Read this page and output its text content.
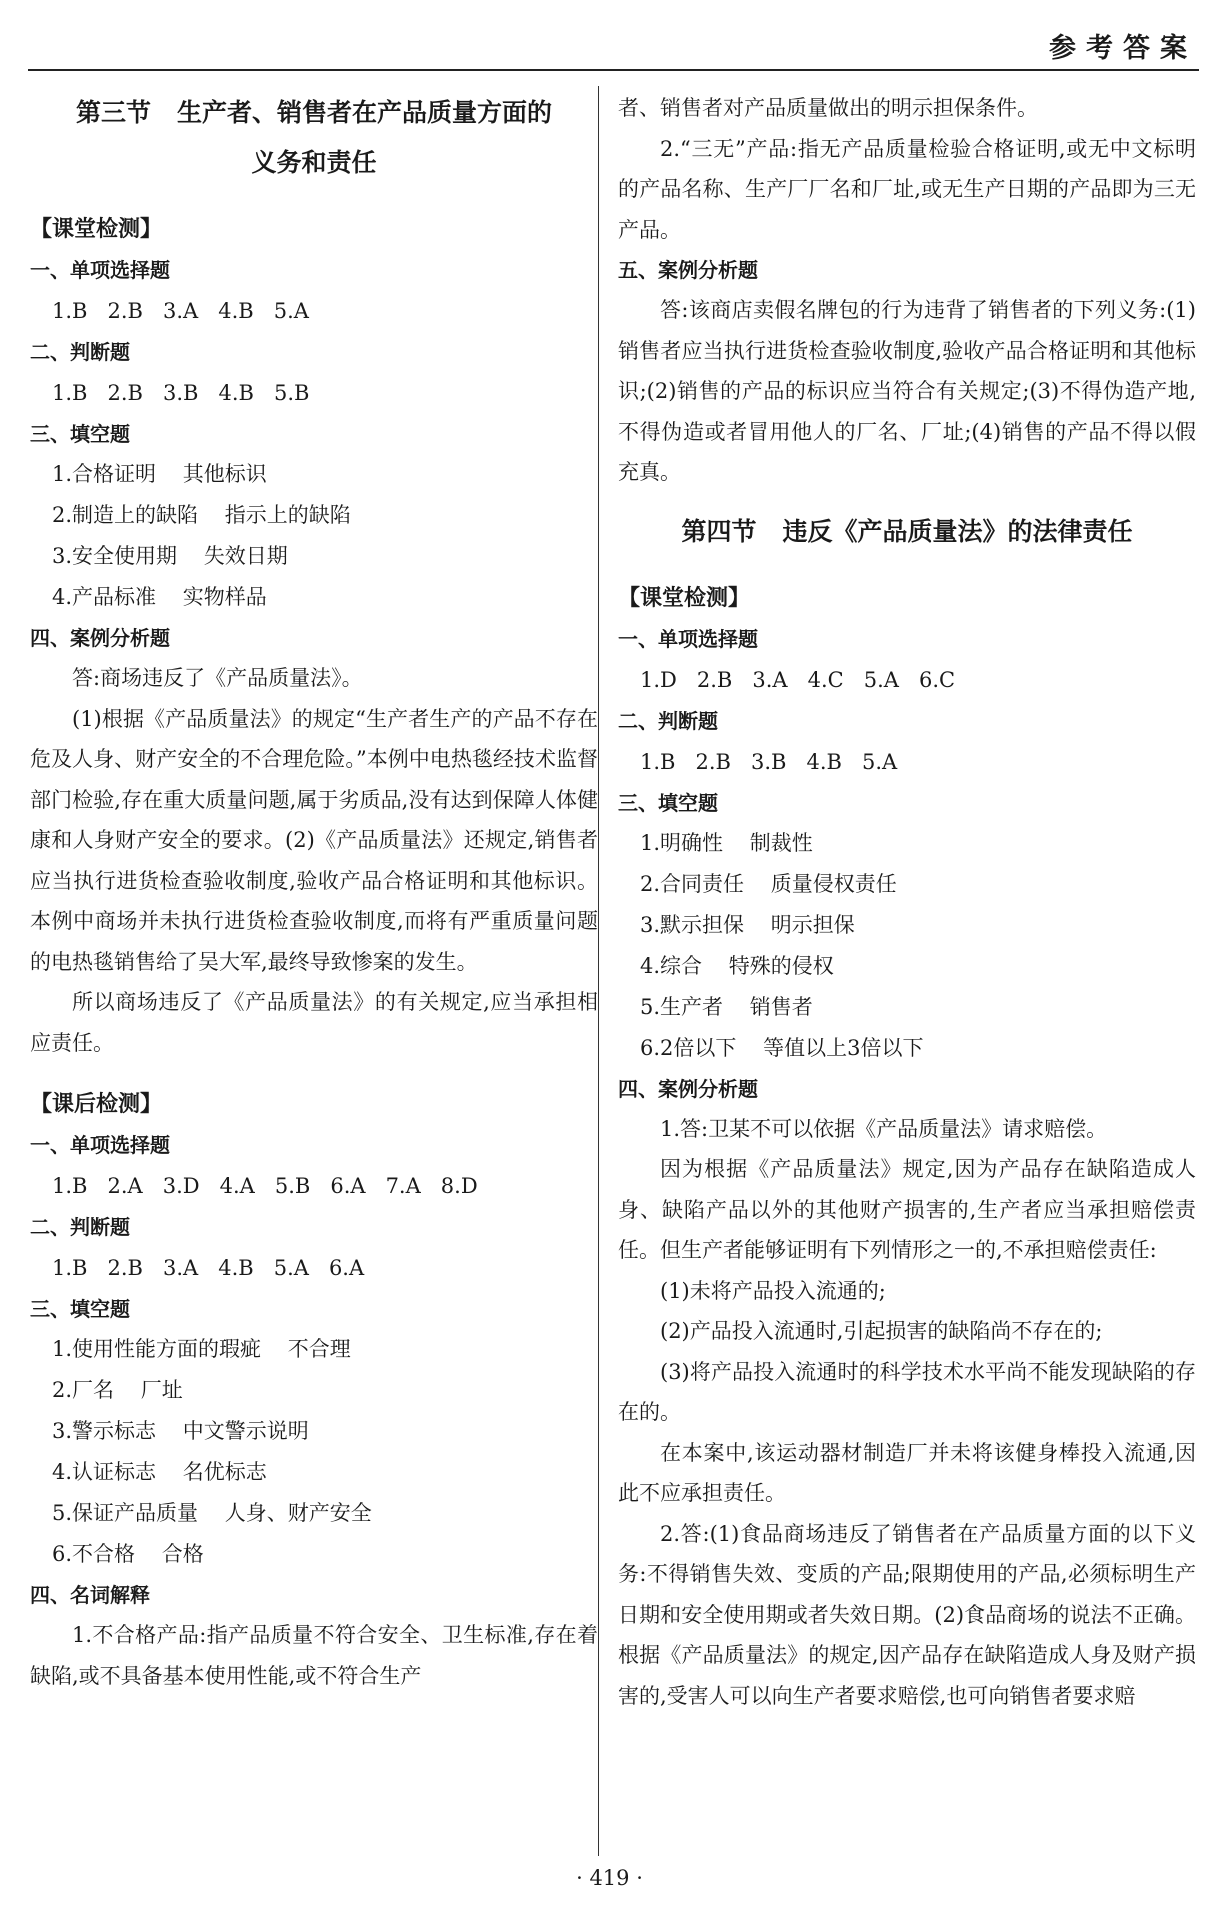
参考答案
第三节 生产者、销售者在产品质量方面的
义务和责任
【课堂检测】
一、单项选择题
1.B   2.B   3.A   4.B   5.A
二、判断题
1.B   2.B   3.B   4.B   5.B
三、填空题
1.合格证明    其他标识
2.制造上的缺陷    指示上的缺陷
3.安全使用期    失效日期
4.产品标准    实物样品
四、案例分析题
答:商场违反了《产品质量法》。
(1)根据《产品质量法》的规定“生产者生产的产品不存在危及人身、财产安全的不合理危险。”本例中电热毯经技术监督部门检验,存在重大质量问题,属于劣质品,没有达到保障人体健康和人身财产安全的要求。(2)《产品质量法》还规定,销售者应当执行进货检查验收制度,验收产品合格证明和其他标识。本例中商场并未执行进货检查验收制度,而将有严重质量问题的电热毯销售给了吴大军,最终导致惨案的发生。
所以商场违反了《产品质量法》的有关规定,应当承担相应责任。
【课后检测】
一、单项选择题
1.B   2.A   3.D   4.A   5.B   6.A   7.A   8.D
二、判断题
1.B   2.B   3.A   4.B   5.A   6.A
三、填空题
1.使用性能方面的瑕疵    不合理
2.厂名    厂址
3.警示标志    中文警示说明
4.认证标志    名优标志
5.保证产品质量    人身、财产安全
6.不合格    合格
四、名词解释
1.不合格产品:指产品质量不符合安全、卫生标准,存在着缺陷,或不具备基本使用性能,或不符合生产
者、销售者对产品质量做出的明示担保条件。
2.“三无”产品:指无产品质量检验合格证明,或无中文标明的产品名称、生产厂厂名和厂址,或无生产日期的产品即为三无产品。
五、案例分析题
答:该商店卖假名牌包的行为违背了销售者的下列义务:(1)销售者应当执行进货检查验收制度,验收产品合格证明和其他标识;(2)销售的产品的标识应当符合有关规定;(3)不得伪造产地,不得伪造或者冒用他人的厂名、厂址;(4)销售的产品不得以假充真。
第四节 违反《产品质量法》的法律责任
【课堂检测】
一、单项选择题
1.D   2.B   3.A   4.C   5.A   6.C
二、判断题
1.B   2.B   3.B   4.B   5.A
三、填空题
1.明确性    制裁性
2.合同责任    质量侵权责任
3.默示担保    明示担保
4.综合    特殊的侵权
5.生产者    销售者
6.2倍以下    等值以上3倍以下
四、案例分析题
1.答:卫某不可以依据《产品质量法》请求赔偿。
因为根据《产品质量法》规定,因为产品存在缺陷造成人身、缺陷产品以外的其他财产损害的,生产者应当承担赔偿责任。但生产者能够证明有下列情形之一的,不承担赔偿责任:
(1)未将产品投入流通的;
(2)产品投入流通时,引起损害的缺陷尚不存在的;
(3)将产品投入流通时的科学技术水平尚不能发现缺陷的存在的。
在本案中,该运动器材制造厂并未将该健身棒投入流通,因此不应承担责任。
2.答:(1)食品商场违反了销售者在产品质量方面的以下义务:不得销售失效、变质的产品;限期使用的产品,必须标明生产日期和安全使用期或者失效日期。(2)食品商场的说法不正确。根据《产品质量法》的规定,因产品存在缺陷造成人身及财产损害的,受害人可以向生产者要求赔偿,也可向销售者要求赔
· 419 ·
